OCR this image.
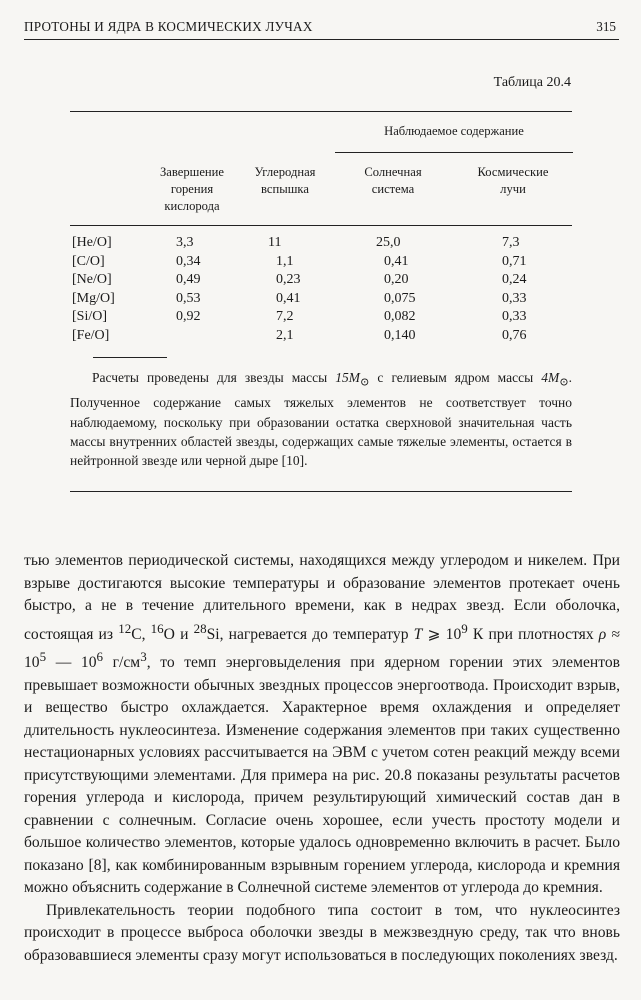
ПРОТОНЫ И ЯДРА В КОСМИЧЕСКИХ ЛУЧАХ	315
Таблица 20.4
Наблюдаемое содержание
Завершение горения кислорода
Углеродная вспышка
Солнечная система
Космические лучи
[He/O]	3,3	11	25,0	7,3
[C/O]	0,34	1,1	0,41	0,71
[Ne/O]	0,49	0,23	0,20	0,24
[Mg/O]	0,53	0,41	0,075	0,33
[Si/O]	0,92	7,2	0,082	0,33
[Fe/O]		2,1	0,140	0,76
Расчеты проведены для звезды массы $15M_⊙$ с гелиевым ядром массы $4M_⊙$. Полученное содержание самых тяжелых элементов не соответствует точно наблюдаемому, поскольку при образовании остатка сверхновой значительная часть массы внутренних областей звезды, содержащих самые тяжелые элементы, остается в нейтронной звезде или черной дыре [10].

тью элементов периодической системы, находящихся между углеродом и никелем. При взрыве достигаются высокие температуры и образование элементов протекает очень быстро, а не в течение длительного времени, как в недрах звезд. Если оболочка, состоящая из $^{12}$C, $^{16}$O и $^{28}$Si, нагревается до температур T ⩾ $10^9$ К при плотностях $\rho \approx 10^5$ — $10^6$ $г/см^3$, то темп энерговыделения при ядерном горении этих элементов превышает возможности обычных звездных процессов энергоотвода. Происходит взрыв, и вещество быстро охлаждается. Характерное время охлаждения и определяет длительность нуклеосинтеза. Изменение содержания элементов при таких существенно нестационарных условиях рассчитывается на ЭВМ с учетом сотен реакций между всеми присутствующими элементами. Для примера на рис. 20.8 показаны результаты расчетов горения углерода и кислорода, причем результирующий химический состав дан в сравнении с солнечным. Согласие очень хорошее, если учесть простоту модели и большое количество элементов, которые удалось одновременно включить в расчет. Было показано [8], как комбинированным взрывным горением углерода, кислорода и кремния можно объяснить содержание в Солнечной системе элементов от углерода до кремния.

Привлекательность теории подобного типа состоит в том, что нуклеосинтез происходит в процессе выброса оболочки звезды в межзвездную среду, так что вновь образовавшиеся элементы сразу могут использоваться в последующих поколениях звезд.
